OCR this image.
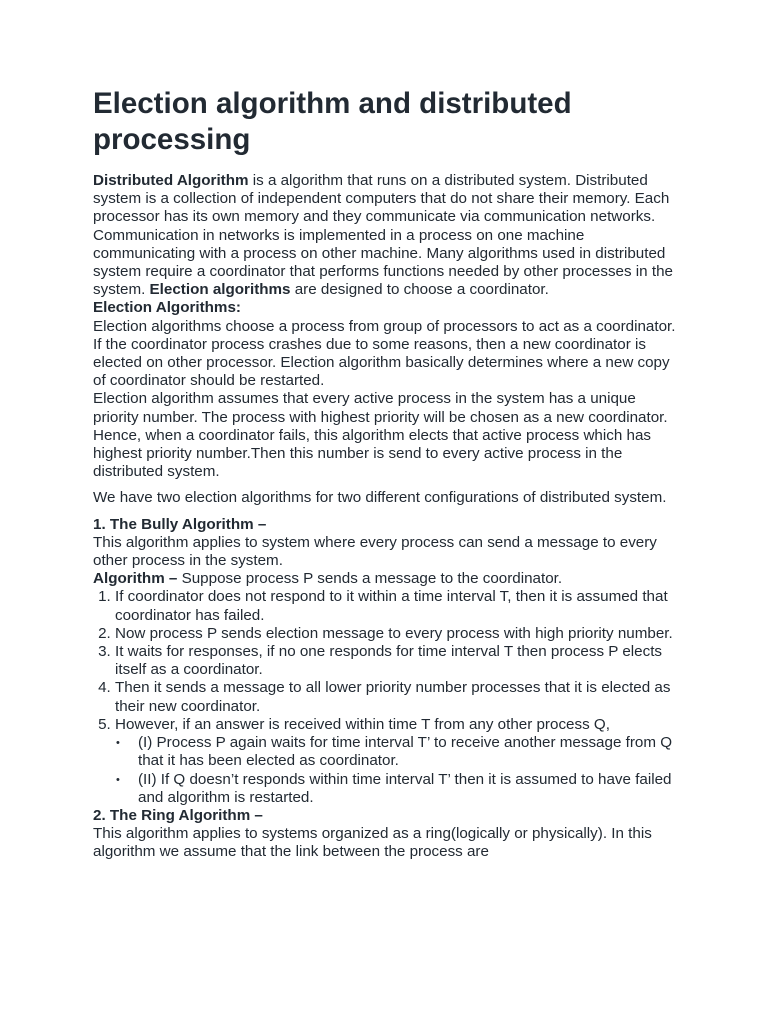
Election algorithm and distributed processing

Distributed Algorithm is a algorithm that runs on a distributed system. Distributed system is a collection of independent computers that do not share their memory. Each processor has its own memory and they communicate via communication networks. Communication in networks is implemented in a process on one machine communicating with a process on other machine. Many algorithms used in distributed system require a coordinator that performs functions needed by other processes in the system. Election algorithms are designed to choose a coordinator.

Election Algorithms:

Election algorithms choose a process from group of processors to act as a coordinator. If the coordinator process crashes due to some reasons, then a new coordinator is elected on other processor. Election algorithm basically determines where a new copy of coordinator should be restarted.

Election algorithm assumes that every active process in the system has a unique priority number. The process with highest priority will be chosen as a new coordinator. Hence, when a coordinator fails, this algorithm elects that active process which has highest priority number.Then this number is send to every active process in the distributed system.

We have two election algorithms for two different configurations of distributed system.

1. The Bully Algorithm –

This algorithm applies to system where every process can send a message to every other process in the system.

Algorithm – Suppose process P sends a message to the coordinator.

1. If coordinator does not respond to it within a time interval T, then it is assumed that coordinator has failed.
2. Now process P sends election message to every process with high priority number.
3. It waits for responses, if no one responds for time interval T then process P elects itself as a coordinator.
4. Then it sends a message to all lower priority number processes that it is elected as their new coordinator.
5. However, if an answer is received within time T from any other process Q,
• (I) Process P again waits for time interval T’ to receive another message from Q that it has been elected as coordinator.
• (II) If Q doesn’t responds within time interval T’ then it is assumed to have failed and algorithm is restarted.

2. The Ring Algorithm –

This algorithm applies to systems organized as a ring(logically or physically). In this algorithm we assume that the link between the process are
